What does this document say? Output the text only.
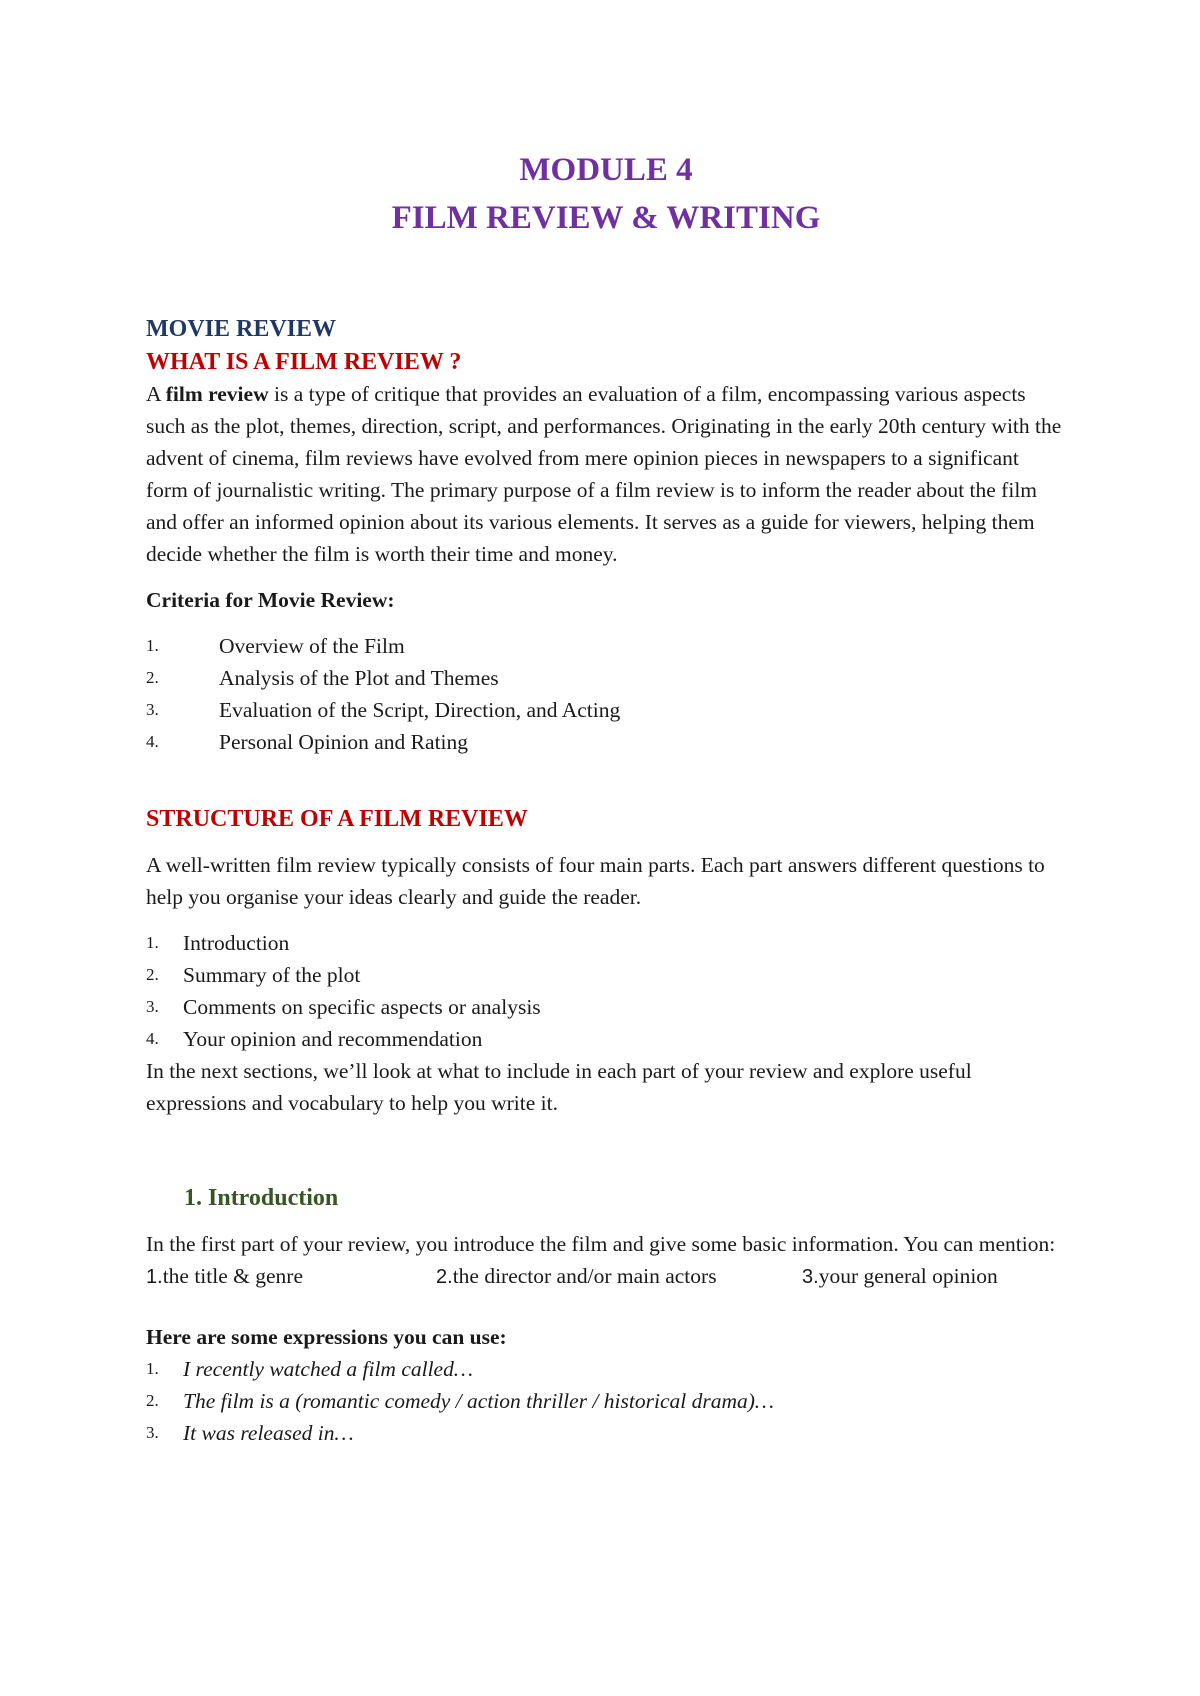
MODULE 4
FILM REVIEW & WRITING
MOVIE REVIEW
WHAT IS A FILM REVIEW ?

A film review is a type of critique that provides an evaluation of a film, encompassing various aspects such as the plot, themes, direction, script, and performances. Originating in the early 20th century with the advent of cinema, film reviews have evolved from mere opinion pieces in newspapers to a significant form of journalistic writing. The primary purpose of a film review is to inform the reader about the film and offer an informed opinion about its various elements. It serves as a guide for viewers, helping them decide whether the film is worth their time and money.

Criteria for Movie Review:

1.	Overview of the Film
2.	Analysis of the Plot and Themes
3.	Evaluation of the Script, Direction, and Acting
4.	Personal Opinion and Rating
STRUCTURE OF A FILM REVIEW

A well-written film review typically consists of four main parts. Each part answers different questions to help you organise your ideas clearly and guide the reader.

1. Introduction
2. Summary of the plot
3. Comments on specific aspects or analysis
4. Your opinion and recommendation

In the next sections, we’ll look at what to include in each part of your review and explore useful expressions and vocabulary to help you write it.

1. Introduction

In the first part of your review, you introduce the film and give some basic information. You can mention:

1.the title & genre	2.the director and/or main actors	3.your general opinion

Here are some expressions you can use:

1. I recently watched a film called…
2. The film is a (romantic comedy / action thriller / historical drama)…
3. It was released in…
